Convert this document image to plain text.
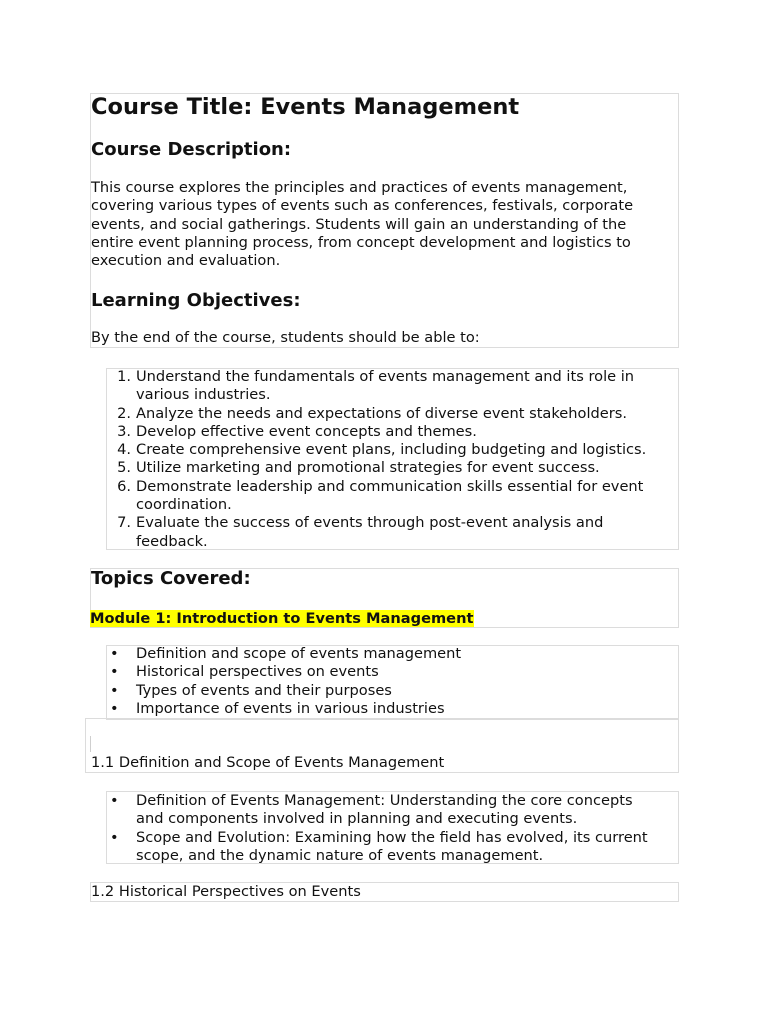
Course Title: Events Management
Course Description:
This course explores the principles and practices of events management,
covering various types of events such as conferences, festivals, corporate
events, and social gatherings. Students will gain an understanding of the
entire event planning process, from concept development and logistics to
execution and evaluation.
Learning Objectives:

By the end of the course, students should be able to:

1. Understand the fundamentals of events management and its role in
various industries.
2. Analyze the needs and expectations of diverse event stakeholders.
3. Develop effective event concepts and themes.
4. Create comprehensive event plans, including budgeting and logistics.
5. Utilize marketing and promotional strategies for event success.
6. Demonstrate leadership and communication skills essential for event
coordination.
7. Evaluate the success of events through post-event analysis and
feedback.
Topics Covered:

Module 1: Introduction to Events Management

• Definition and scope of events management
• Historical perspectives on events
• Types of events and their purposes
• Importance of events in various industries

1.1 Definition and Scope of Events Management

• Definition of Events Management: Understanding the core concepts
and components involved in planning and executing events.
• Scope and Evolution: Examining how the field has evolved, its current
scope, and the dynamic nature of events management.

1.2 Historical Perspectives on Events
